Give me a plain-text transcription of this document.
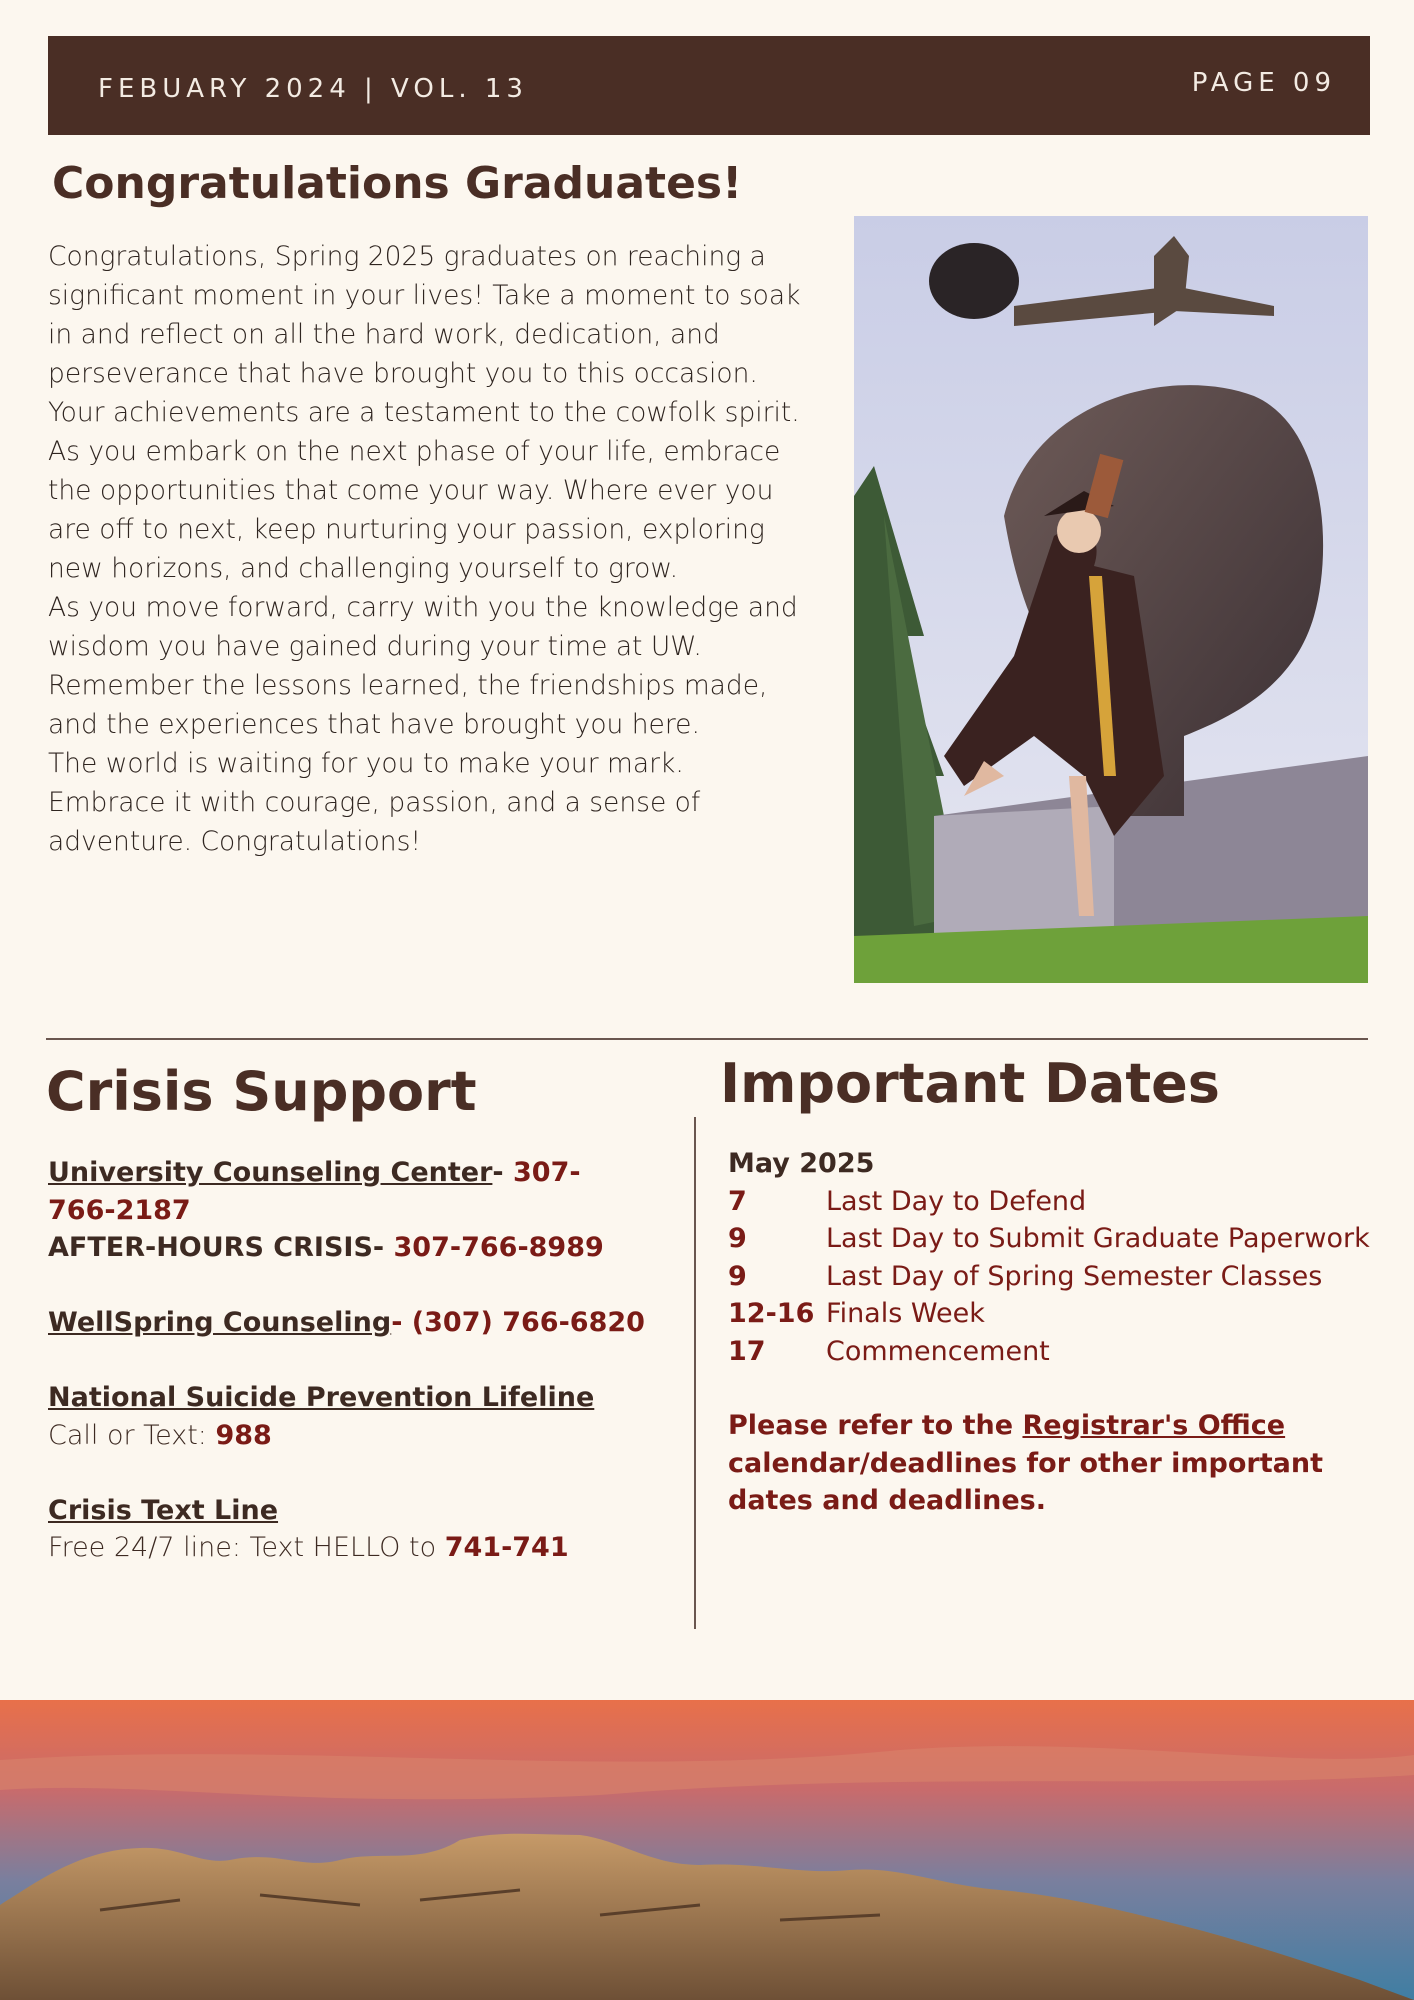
FEBUARY 2024 | VOL. 13	PAGE 09
Congratulations Graduates!

Congratulations, Spring 2025 graduates on reaching a significant moment in your lives! Take a moment to soak in and reflect on all the hard work, dedication, and perseverance that have brought you to this occasion. Your achievements are a testament to the cowfolk spirit.

As you embark on the next phase of your life, embrace the opportunities that come your way. Where ever you are off to next, keep nurturing your passion, exploring new horizons, and challenging yourself to grow.

As you move forward, carry with you the knowledge and wisdom you have gained during your time at UW. Remember the lessons learned, the friendships made, and the experiences that have brought you here.

The world is waiting for you to make your mark. Embrace it with courage, passion, and a sense of adventure. Congratulations!

Crisis Support	Important Dates
University Counseling Center- 307-766-2187
AFTER-HOURS CRISIS- 307-766-8989
WellSpring Counseling- (307) 766-6820
National Suicide Prevention Lifeline
Call or Text: 988
Crisis Text Line
Free 24/7 line: Text HELLO to 741-741
May 2025
7	Last Day to Defend
9	Last Day to Submit Graduate Paperwork
9	Last Day of Spring Semester Classes
12-16 Finals Week
17	Commencement
Please refer to the Registrar's Office calendar/deadlines for other important dates and deadlines.
